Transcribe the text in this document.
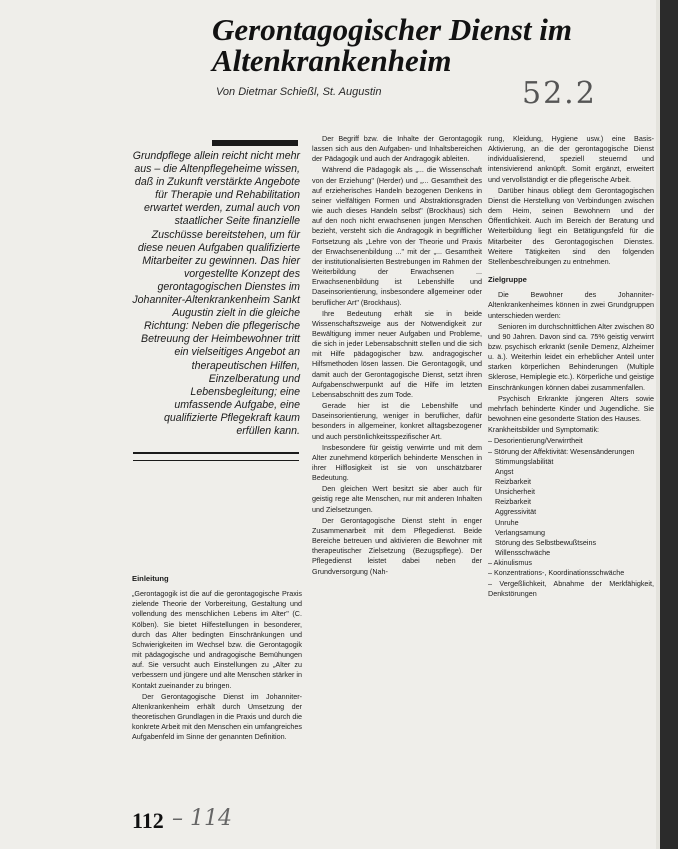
Gerontagogischer Dienst im Altenkrankenheim
Von Dietmar Schießl, St. Augustin	52.2

Grundpflege allein reicht nicht mehr aus – die Altenpflegeheime wissen, daß in Zukunft verstärkte Angebote für Therapie und Rehabilitation erwartet werden, zumal auch von staatlicher Seite finanzielle Zuschüsse bereitstehen, um für diese neuen Aufgaben qualifizierte Mitarbeiter zu gewinnen. Das hier vorgestellte Konzept des gerontagogischen Dienstes im Johanniter-Altenkrankenheim Sankt Augustin zielt in die gleiche Richtung: Neben die pflegerische Betreuung der Heimbewohner tritt ein vielseitiges Angebot an therapeutischen Hilfen, Einzelberatung und Lebensbegleitung; eine umfassende Aufgabe, eine qualifizierte Pflegekraft kaum erfüllen kann.

Einleitung

„Gerontagogik ist die auf die gerontagogische Praxis zielende Theorie der Vorbereitung, Gestaltung und vollendung des menschlichen Lebens im Alter" (C. Kölben). Sie bietet Hilfestellungen in besonderer, durch das Alter bedingten Einschränkungen und Schwierigkeiten im Wechsel bzw. die Gerontagogik mit pädagogische und andragogische Bemühungen auf. Sie versucht auch Einstellungen zu „Alter zu verbessern und jüngere und alte Menschen stärker in Kontakt zueinander zu bringen.

Der Gerontagogische Dienst im Johanniter-Altenkrankenheim erhält durch Umsetzung der theoretischen Grundlagen in die Praxis und durch die konkrete Arbeit mit den Menschen ein umfangreiches Aufgabenfeld im Sinne der genannten Definition.

Der Begriff bzw. die Inhalte der Gerontagogik lassen sich aus den Aufgaben- und Inhaltsbereichen der Pädagogik und auch der Andragogik ableiten.

Während die Pädagogik als „... die Wissenschaft von der Erziehung" (Herder) und „... Gesamtheit des auf erzieherisches Handeln bezogenen Denkens in seiner vielfältigen Formen und Abstraktionsgraden wie auch dieses Handeln selbst" (Brockhaus) sich auf den noch nicht erwachsenen jungen Menschen bezieht, versteht sich die Andragogik in begrifflicher Fortsetzung als „Lehre von der Theorie und Praxis der Erwachsenenbildung ..." mit der „... Gesamtheit der institutionalisierten Bestrebungen im Rahmen der Weiterbildung der Erwachsenen ... Erwachsenenbildung ist Lebenshilfe und Daseinsorientierung, insbesondere allgemeiner oder beruflicher Art" (Brockhaus).

Ihre Bedeutung erhält sie in beide Wissenschaftszweige aus der Notwendigkeit zur Bewältigung immer neuer Aufgaben und Probleme, die sich in jeder Lebensabschnitt stellen und die sich mit Hilfe pädagogischer bzw. andragogischer Hilfsmethoden lösen lassen. Die Gerontagogik, und damit auch der Gerontagogische Dienst, setzt ihren Aufgabenschwerpunkt auf die Hilfe im letzten Lebensabschnitt des zum Tode.

Gerade hier ist die Lebenshilfe und Daseinsorientierung, weniger in beruflicher, dafür besonders in allgemeiner, konkret alltagsbezogener und auch persönlichkeitsspezifischer Art.

Insbesondere für geistig verwirrte und mit dem Alter zunehmend körperlich behinderte Menschen in ihrer Hilflosigkeit ist sie von unschätzbarer Bedeutung.

Den gleichen Wert besitzt sie aber auch für geistig rege alte Menschen, nur mit anderen Inhalten und Zielsetzungen.

Der Gerontagogische Dienst steht in enger Zusammenarbeit mit dem Pflegedienst. Beide Bereiche betreuen und aktivieren die Bewohner mit therapeutischer Zielsetzung (Bezugspflege). Der Pflegedienst leistet dabei neben der Grundversorgung (Nah-

rung, Kleidung, Hygiene usw.) eine Basis-Aktivierung, an die der gerontagogische Dienst individualisierend, speziell steuernd und intensivierend anknüpft. Somit ergänzt, erweitert und vervollständigt er die pflegerische Arbeit.

Darüber hinaus obliegt dem Gerontagogischen Dienst die Herstellung von Verbindungen zwischen dem Heim, seinen Bewohnern und der Öffentlichkeit. Auch im Bereich der Beratung und Weiterbildung liegt ein Betätigungsfeld für die Mitarbeiter des Gerontagogischen Dienstes. Weitere Tätigkeiten sind den folgenden Stellenbeschreibungen zu entnehmen.

Zielgruppe

Die Bewohner des Johanniter-Altenkrankenheimes können in zwei Grundgruppen unterschieden werden:

Senioren im durchschnittlichen Alter zwischen 80 und 90 Jahren. Davon sind ca. 75% geistig verwirrt bzw. psychisch erkrankt (senile Demenz, Alzheimer u. ä.). Weiterhin leidet ein erheblicher Anteil unter starken körperlichen Behinderungen (Multiple Sklerose, Hemiplegie etc.). Körperliche und geistige Einschränkungen können dabei zusammenfallen.

Psychisch Erkrankte jüngeren Alters sowie mehrfach behinderte Kinder und Jugendliche. Sie bewohnen eine gesonderte Station des Hauses.

Krankheitsbilder und Symptomatik:

– Desorientierung/Verwirrtheit
– Störung der Affektivität: Wesensänderungen
Stimmungslabilität
Angst
Reizbarkeit
Unsicherheit
Reizbarkeit
Aggressivität
Unruhe
Verlangsamung
Störung des Selbstbewußtseins
Willensschwäche
– Akinulismus
– Konzentrations-, Koordinationsschwäche
– Vergeßlichkeit, Abnahme der Merkfähigkeit, Denkstörungen
112 – 114
